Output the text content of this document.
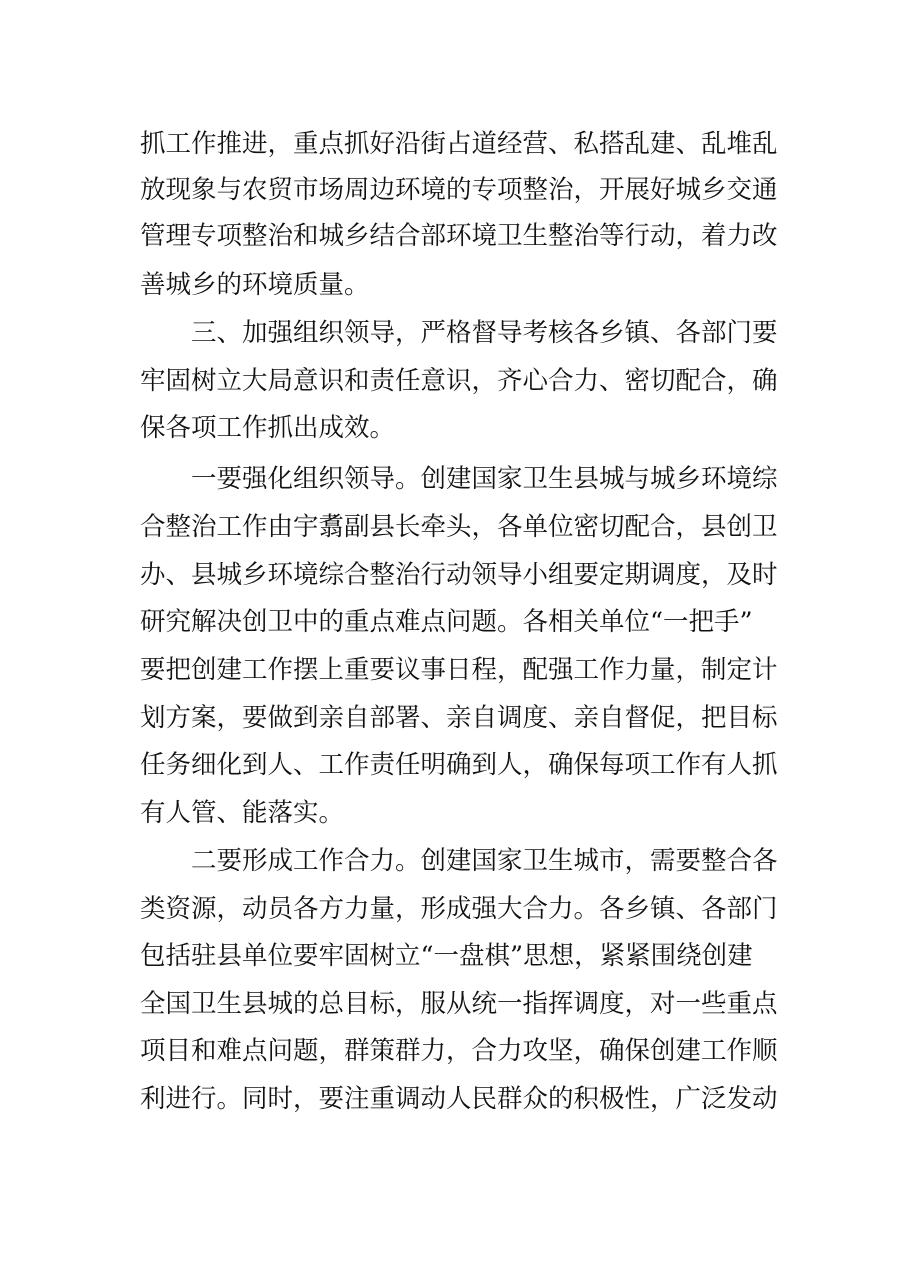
抓工作推进，重点抓好沿街占道经营、私搭乱建、乱堆乱
放现象与农贸市场周边环境的专项整治，开展好城乡交通
管理专项整治和城乡结合部环境卫生整治等行动，着力改
善城乡的环境质量。
三、加强组织领导，严格督导考核各乡镇、各部门要
牢固树立大局意识和责任意识，齐心合力、密切配合，确
保各项工作抓出成效。
一要强化组织领导。创建国家卫生县城与城乡环境综
合整治工作由宇翥副县长牵头，各单位密切配合，县创卫
办、县城乡环境综合整治行动领导小组要定期调度，及时
研究解决创卫中的重点难点问题。各相关单位“一把手”
要把创建工作摆上重要议事日程，配强工作力量，制定计
划方案，要做到亲自部署、亲自调度、亲自督促，把目标
任务细化到人、工作责任明确到人，确保每项工作有人抓
有人管、能落实。
二要形成工作合力。创建国家卫生城市，需要整合各
类资源，动员各方力量，形成强大合力。各乡镇、各部门
包括驻县单位要牢固树立“一盘棋”思想，紧紧围绕创建
全国卫生县城的总目标，服从统一指挥调度，对一些重点
项目和难点问题，群策群力，合力攻坚，确保创建工作顺
利进行。同时，要注重调动人民群众的积极性，广泛发动
